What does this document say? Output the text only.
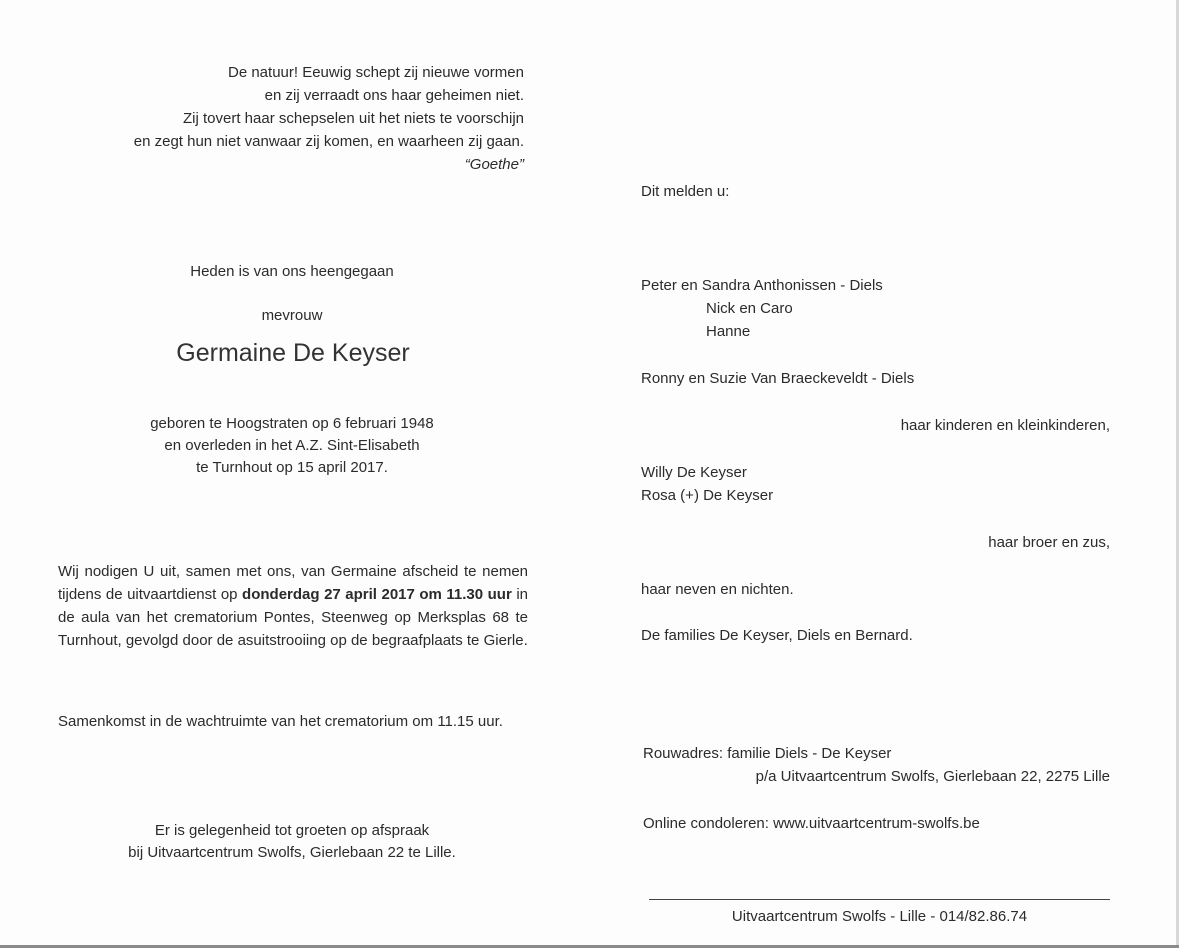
De natuur! Eeuwig schept zij nieuwe vormen
en zij verraadt ons haar geheimen niet.
Zij tovert haar schepselen uit het niets te voorschijn
en zegt hun niet vanwaar zij komen, en waarheen zij gaan.
“Goethe”
Heden is van ons heengegaan
mevrouw
Germaine De Keyser
geboren te Hoogstraten op 6 februari 1948
en overleden in het A.Z. Sint-Elisabeth
te Turnhout op 15 april 2017.
Wij nodigen U uit, samen met ons, van Germaine afscheid te nemen tijdens de uitvaartdienst op donderdag 27 april 2017 om 11.30 uur in de aula van het crematorium Pontes, Steenweg op Merksplas 68 te Turnhout, gevolgd door de asuitstrooiing op de begraafplaats te Gierle.
Samenkomst in de wachtruimte van het crematorium om 11.15 uur.
Er is gelegenheid tot groeten op afspraak
bij Uitvaartcentrum Swolfs, Gierlebaan 22 te Lille.
Dit melden u:
Peter en Sandra Anthonissen - Diels
Nick en Caro
Hanne
Ronny en Suzie Van Braeckeveldt - Diels
haar kinderen en kleinkinderen,
Willy De Keyser
Rosa (+) De Keyser
haar broer en zus,
haar neven en nichten.
De families De Keyser, Diels en Bernard.
Rouwadres: familie Diels - De Keyser
p/a Uitvaartcentrum Swolfs, Gierlebaan 22, 2275 Lille
Online condoleren: www.uitvaartcentrum-swolfs.be
Uitvaartcentrum Swolfs - Lille - 014/82.86.74
